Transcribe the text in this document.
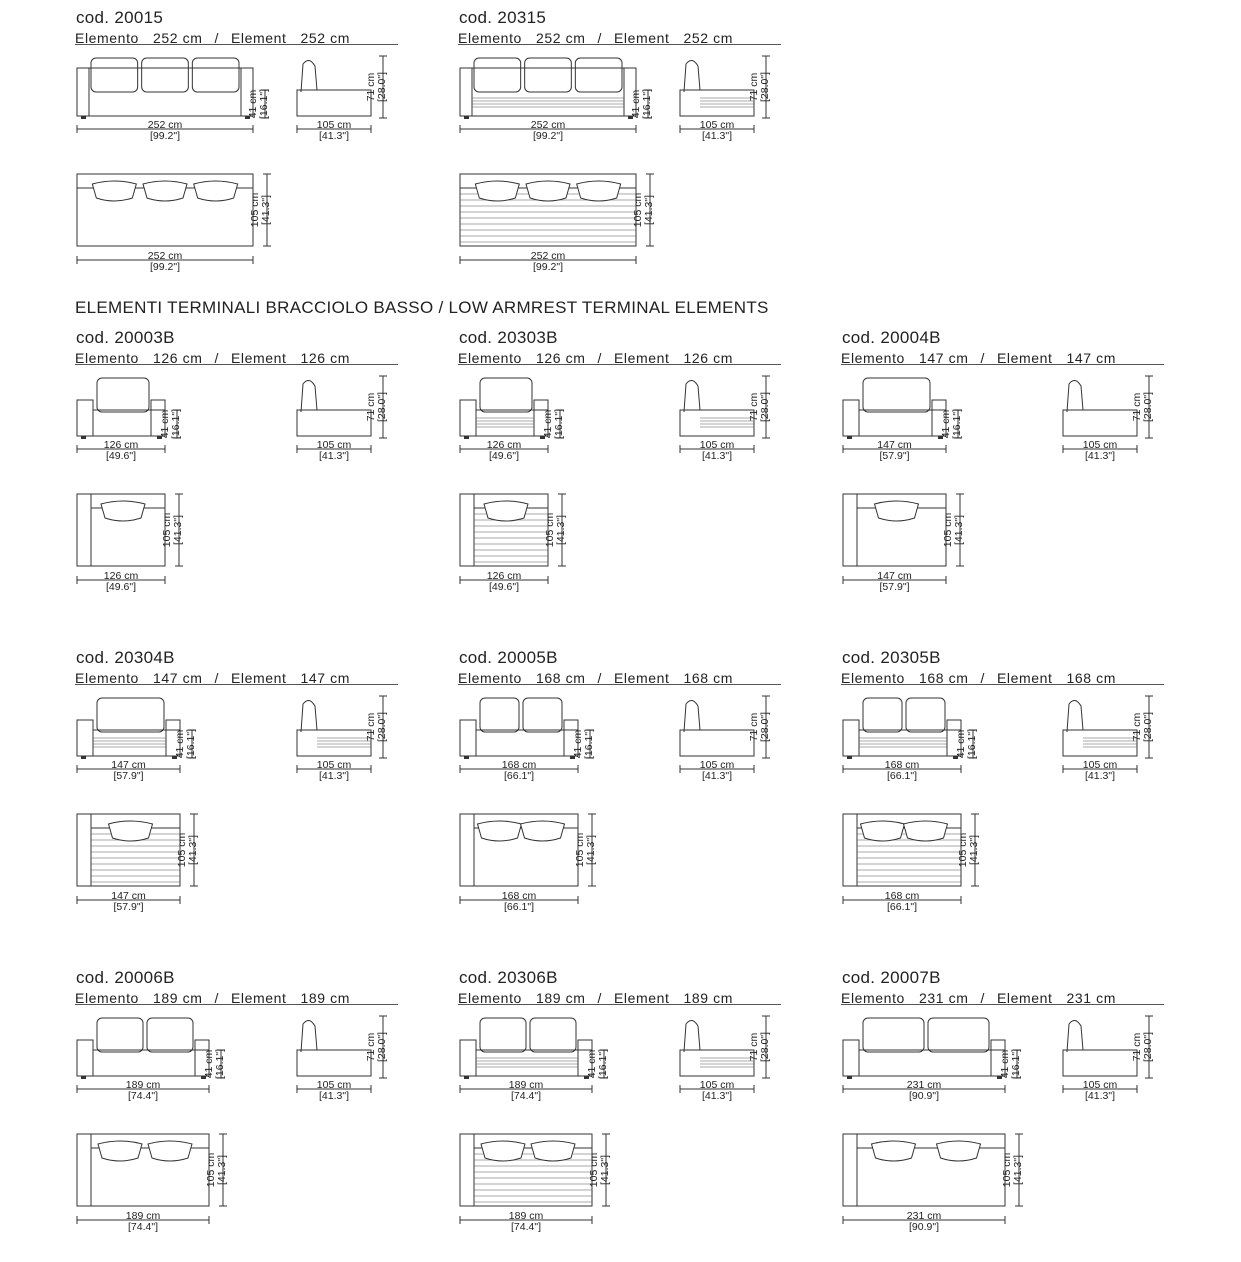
ELEMENTI TERMINALI BRACCIOLO BASSO / LOW ARMREST TERMINAL ELEMENTS
cod. 20015
Elemento 252 cm / Element 252 cm
252 cm
[99.2"]
41 cm [16.1"]
105 cm
[41.3"]
71 cm [28.0"]
252 cm
[99.2"]
105 cm [41.3"]
cod. 20315
Elemento 252 cm / Element 252 cm
252 cm
[99.2"]
41 cm [16.1"]
105 cm
[41.3"]
71 cm [28.0"]
252 cm
[99.2"]
105 cm [41.3"]
cod. 20003B
Elemento 126 cm / Element 126 cm
126 cm
[49.6"]
41 cm [16.1"]
105 cm
[41.3"]
71 cm [28.0"]
126 cm
[49.6"]
105 cm [41.3"]
cod. 20303B
Elemento 126 cm / Element 126 cm
126 cm
[49.6"]
41 cm [16.1"]
105 cm
[41.3"]
71 cm [28.0"]
126 cm
[49.6"]
105 cm [41.3"]
cod. 20004B
Elemento 147 cm / Element 147 cm
147 cm
[57.9"]
41 cm [16.1"]
105 cm
[41.3"]
71 cm [28.0"]
147 cm
[57.9"]
105 cm [41.3"]
cod. 20304B
Elemento 147 cm / Element 147 cm
147 cm
[57.9"]
41 cm [16.1"]
105 cm
[41.3"]
71 cm [28.0"]
147 cm
[57.9"]
105 cm [41.3"]
cod. 20005B
Elemento 168 cm / Element 168 cm
168 cm
[66.1"]
41 cm [16.1"]
105 cm
[41.3"]
71 cm [28.0"]
168 cm
[66.1"]
105 cm [41.3"]
cod. 20305B
Elemento 168 cm / Element 168 cm
168 cm
[66.1"]
41 cm [16.1"]
105 cm
[41.3"]
71 cm [28.0"]
168 cm
[66.1"]
105 cm [41.3"]
cod. 20006B
Elemento 189 cm / Element 189 cm
189 cm
[74.4"]
41 cm [16.1"]
105 cm
[41.3"]
71 cm [28.0"]
189 cm
[74.4"]
105 cm [41.3"]
cod. 20306B
Elemento 189 cm / Element 189 cm
189 cm
[74.4"]
41 cm [16.1"]
105 cm
[41.3"]
71 cm [28.0"]
189 cm
[74.4"]
105 cm [41.3"]
cod. 20007B
Elemento 231 cm / Element 231 cm
231 cm
[90.9"]
41 cm [16.1"]
105 cm
[41.3"]
71 cm [28.0"]
231 cm
[90.9"]
105 cm [41.3"]
